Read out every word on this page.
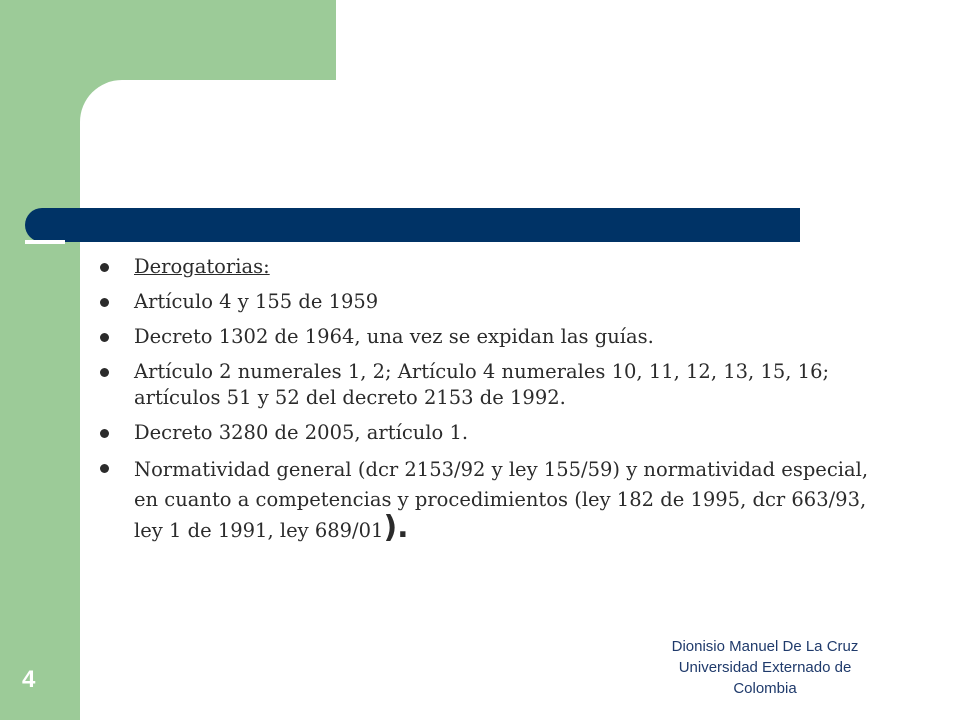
Derogatorias:
Artículo 4 y 155 de 1959
Decreto 1302 de 1964, una vez se expidan las guías.
Artículo 2 numerales 1, 2; Artículo 4 numerales 10, 11, 12, 13, 15, 16; artículos 51 y 52 del decreto 2153 de 1992.
Decreto 3280 de 2005, artículo 1.
Normatividad general (dcr 2153/92 y ley 155/59) y normatividad especial, en cuanto a competencias y procedimientos (ley 182 de 1995, dcr 663/93, ley 1 de 1991, ley 689/01).
4
Dionisio Manuel De La Cruz
Universidad Externado de
Colombia
